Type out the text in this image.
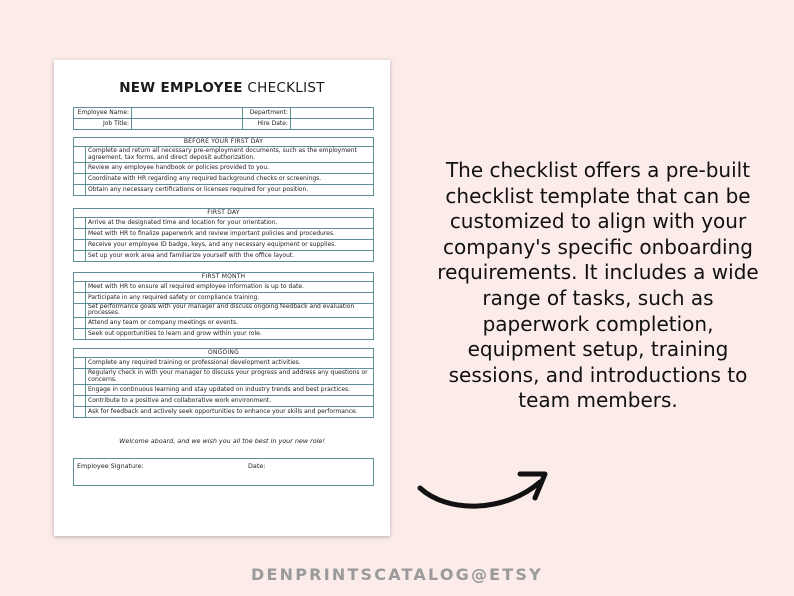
NEW EMPLOYEE CHECKLIST
Employee Name:		Department:	
Job Title:		Hire Date:	
BEFORE YOUR FIRST DAY	
	Complete and return all necessary pre-employment documents, such as the employment agreement, tax forms, and direct deposit authorization.
	Review any employee handbook or policies provided to you.
	Coordinate with HR regarding any required background checks or screenings.
	Obtain any necessary certifications or licenses required for your position.
FIRST DAY	
	Arrive at the designated time and location for your orientation.
	Meet with HR to finalize paperwork and review important policies and procedures.
	Receive your employee ID badge, keys, and any necessary equipment or supplies.
	Set up your work area and familiarize yourself with the office layout.
FIRST MONTH	
	Meet with HR to ensure all required employee information is up to date.
	Participate in any required safety or compliance training.
	Set performance goals with your manager and discuss ongoing feedback and evaluation processes.
	Attend any team or company meetings or events.
	Seek out opportunities to learn and grow within your role.
ONGOING	
	Complete any required training or professional development activities.
	Regularly check in with your manager to discuss your progress and address any questions or concerns.
	Engage in continuous learning and stay updated on industry trends and best practices.
	Contribute to a positive and collaborative work environment.
	Ask for feedback and actively seek opportunities to enhance your skills and performance.
Welcome aboard, and we wish you all the best in your new role!
Employee Signature:	Date:
The checklist offers a pre-built checklist template that can be customized to align with your company's specific onboarding requirements. It includes a wide range of tasks, such as paperwork completion, equipment setup, training sessions, and introductions to team members.
DENPRINTSCATALOG@ETSY
